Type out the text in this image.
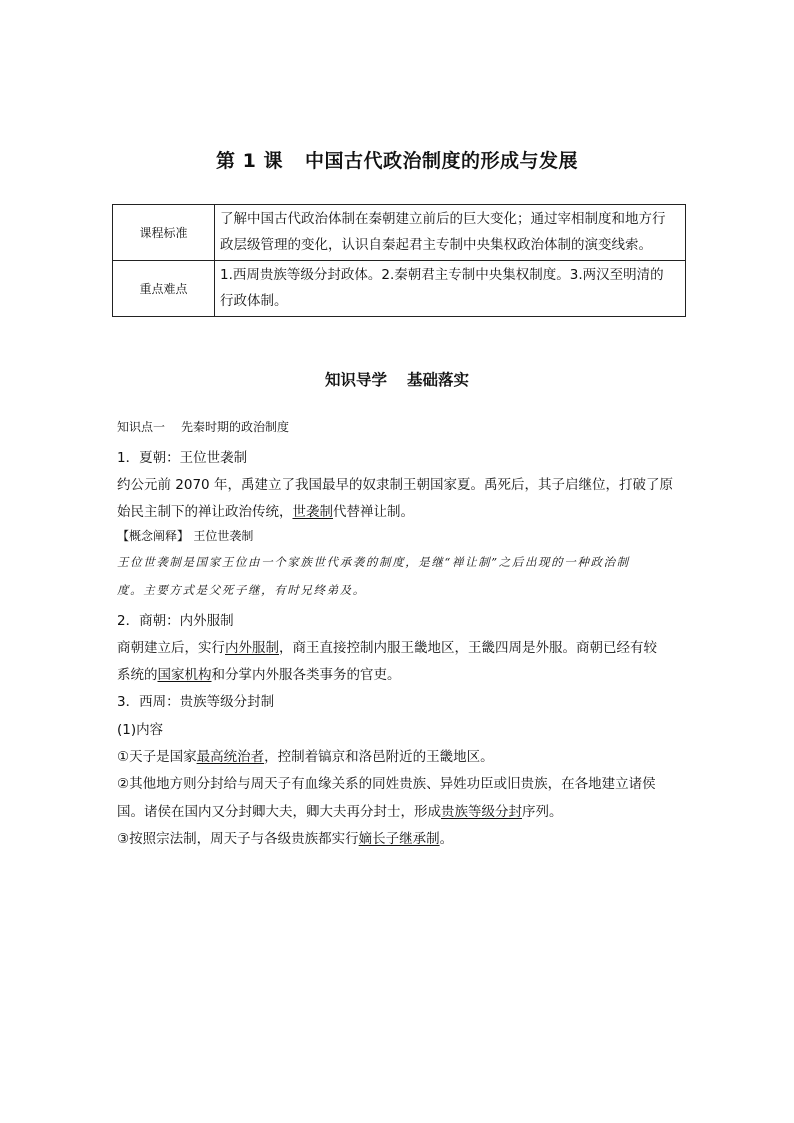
第 1 课 中国古代政治制度的形成与发展
课程标准	了解中国古代政治体制在秦朝建立前后的巨大变化；通过宰相制度和地方行
政层级管理的变化，认识自秦起君主专制中央集权政治体制的演变线索。

重点难点	1.西周贵族等级分封政体。2.秦朝君主专制中央集权制度。3.两汉至明清的
行政体制。
知识导学 基础落实
知识点一 先秦时期的政治制度
1．夏朝：王位世袭制
约公元前 2070 年，禹建立了我国最早的奴隶制王朝国家夏。禹死后，其子启继位，打破了原
始民主制下的禅让政治传统，世袭制代替禅让制。
【概念阐释】 王位世袭制
王位世袭制是国家王位由一个家族世代承袭的制度，是继“禅让制”之后出现的一种政治制
度。主要方式是父死子继，有时兄终弟及。
2．商朝：内外服制
商朝建立后，实行内外服制，商王直接控制内服王畿地区，王畿四周是外服。商朝已经有较
系统的国家机构和分掌内外服各类事务的官吏。
3．西周：贵族等级分封制
(1)内容
①天子是国家最高统治者，控制着镐京和洛邑附近的王畿地区。
②其他地方则分封给与周天子有血缘关系的同姓贵族、异姓功臣或旧贵族，在各地建立诸侯
国。诸侯在国内又分封卿大夫，卿大夫再分封士，形成贵族等级分封序列。
③按照宗法制，周天子与各级贵族都实行嫡长子继承制。
